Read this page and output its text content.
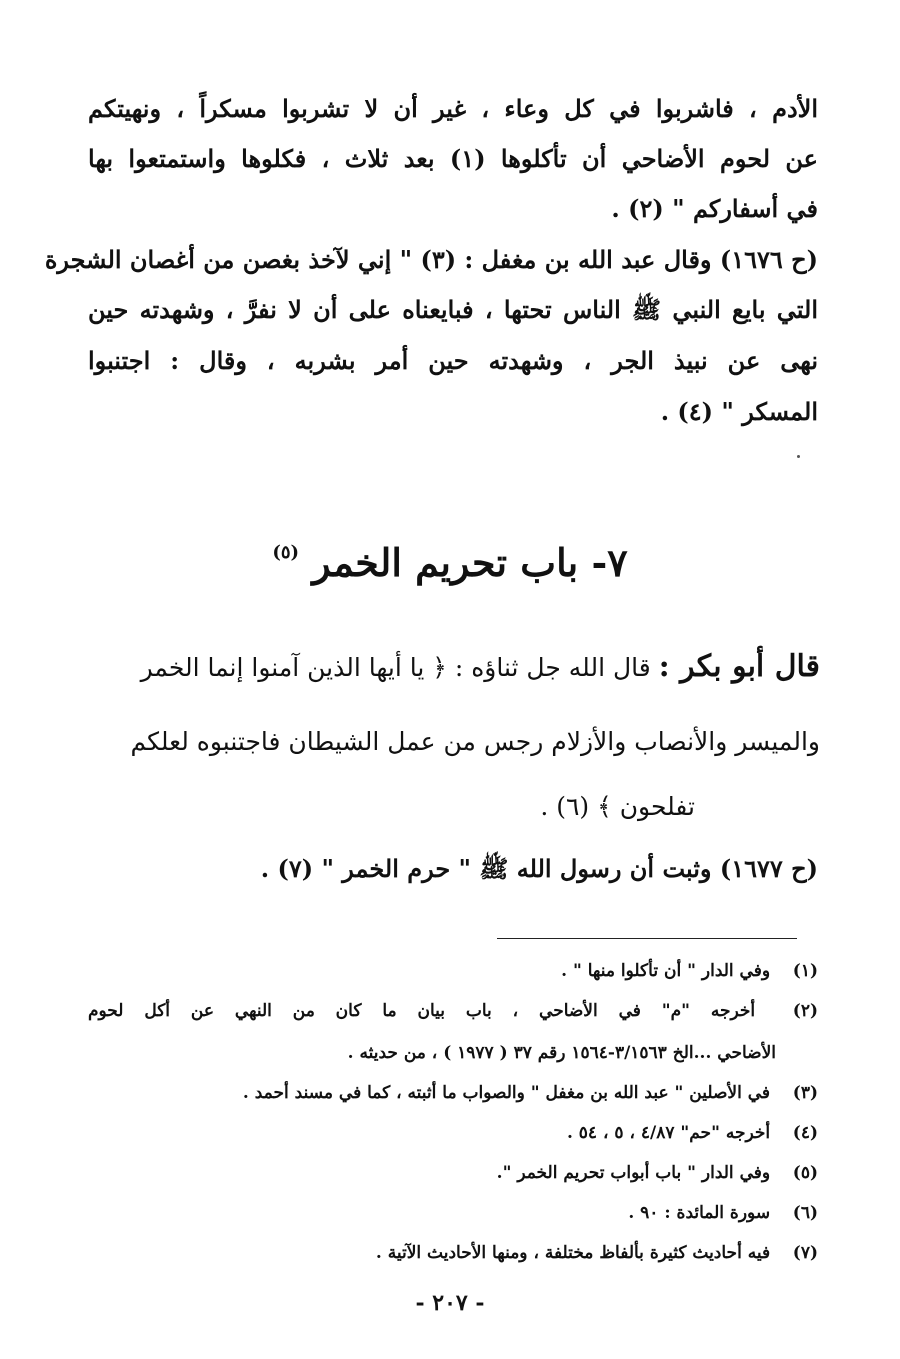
الأدم ، فاشربوا في كل وعاء ، غير أن لا تشربوا مسكراً ، ونهيتكم
عن لحوم الأضاحي أن تأكلوها (١) بعد ثلاث ، فكلوها واستمتعوا بها
في أسفاركم " (٢) .
(ح ١٦٧٦) وقال عبد الله بن مغفل : (٣) " إني لآخذ بغصن من أغصان الشجرة
التي بايع النبي ﷺ الناس تحتها ، فبايعناه على أن لا نفرَّ ، وشهدته حين
نهى عن نبيذ الجر ، وشهدته حين أمر بشربه ، وقال : اجتنبوا
المسكر " (٤) .
٧- باب تحريم الخمر $^{(٥)}$
قال أبو بكر : قال الله جل ثناؤه : ﴿ يا أيها الذين آمنوا إنما الخمر
والميسر والأنصاب والأزلام رجس من عمل الشيطان فاجتنبوه لعلكم
تفلحون ﴾ (٦) .
(ح ١٦٧٧) وثبت أن رسول الله ﷺ " حرم الخمر " (٧) .
(١) وفي الدار " أن تأكلوا منها " .
(٢) أخرجه "م" في الأضاحي ، باب بيان ما كان من النهي عن أكل لحوم
الأضاحي ...الخ ٣/١٥٦٣-١٥٦٤ رقم ٣٧ ( ١٩٧٧ ) ، من حديثه .
(٣) في الأصلين " عبد الله بن مغفل " والصواب ما أثبته ، كما في مسند أحمد .
(٤) أخرجه "حم" ٤/٨٧ ، ٥ ، ٥٤ .
(٥) وفي الدار " باب أبواب تحريم الخمر ".
(٦) سورة المائدة : ٩٠ .
(٧) فيه أحاديث كثيرة بألفاظ مختلفة ، ومنها الأحاديث الآتية .
- ٢٠٧ -
